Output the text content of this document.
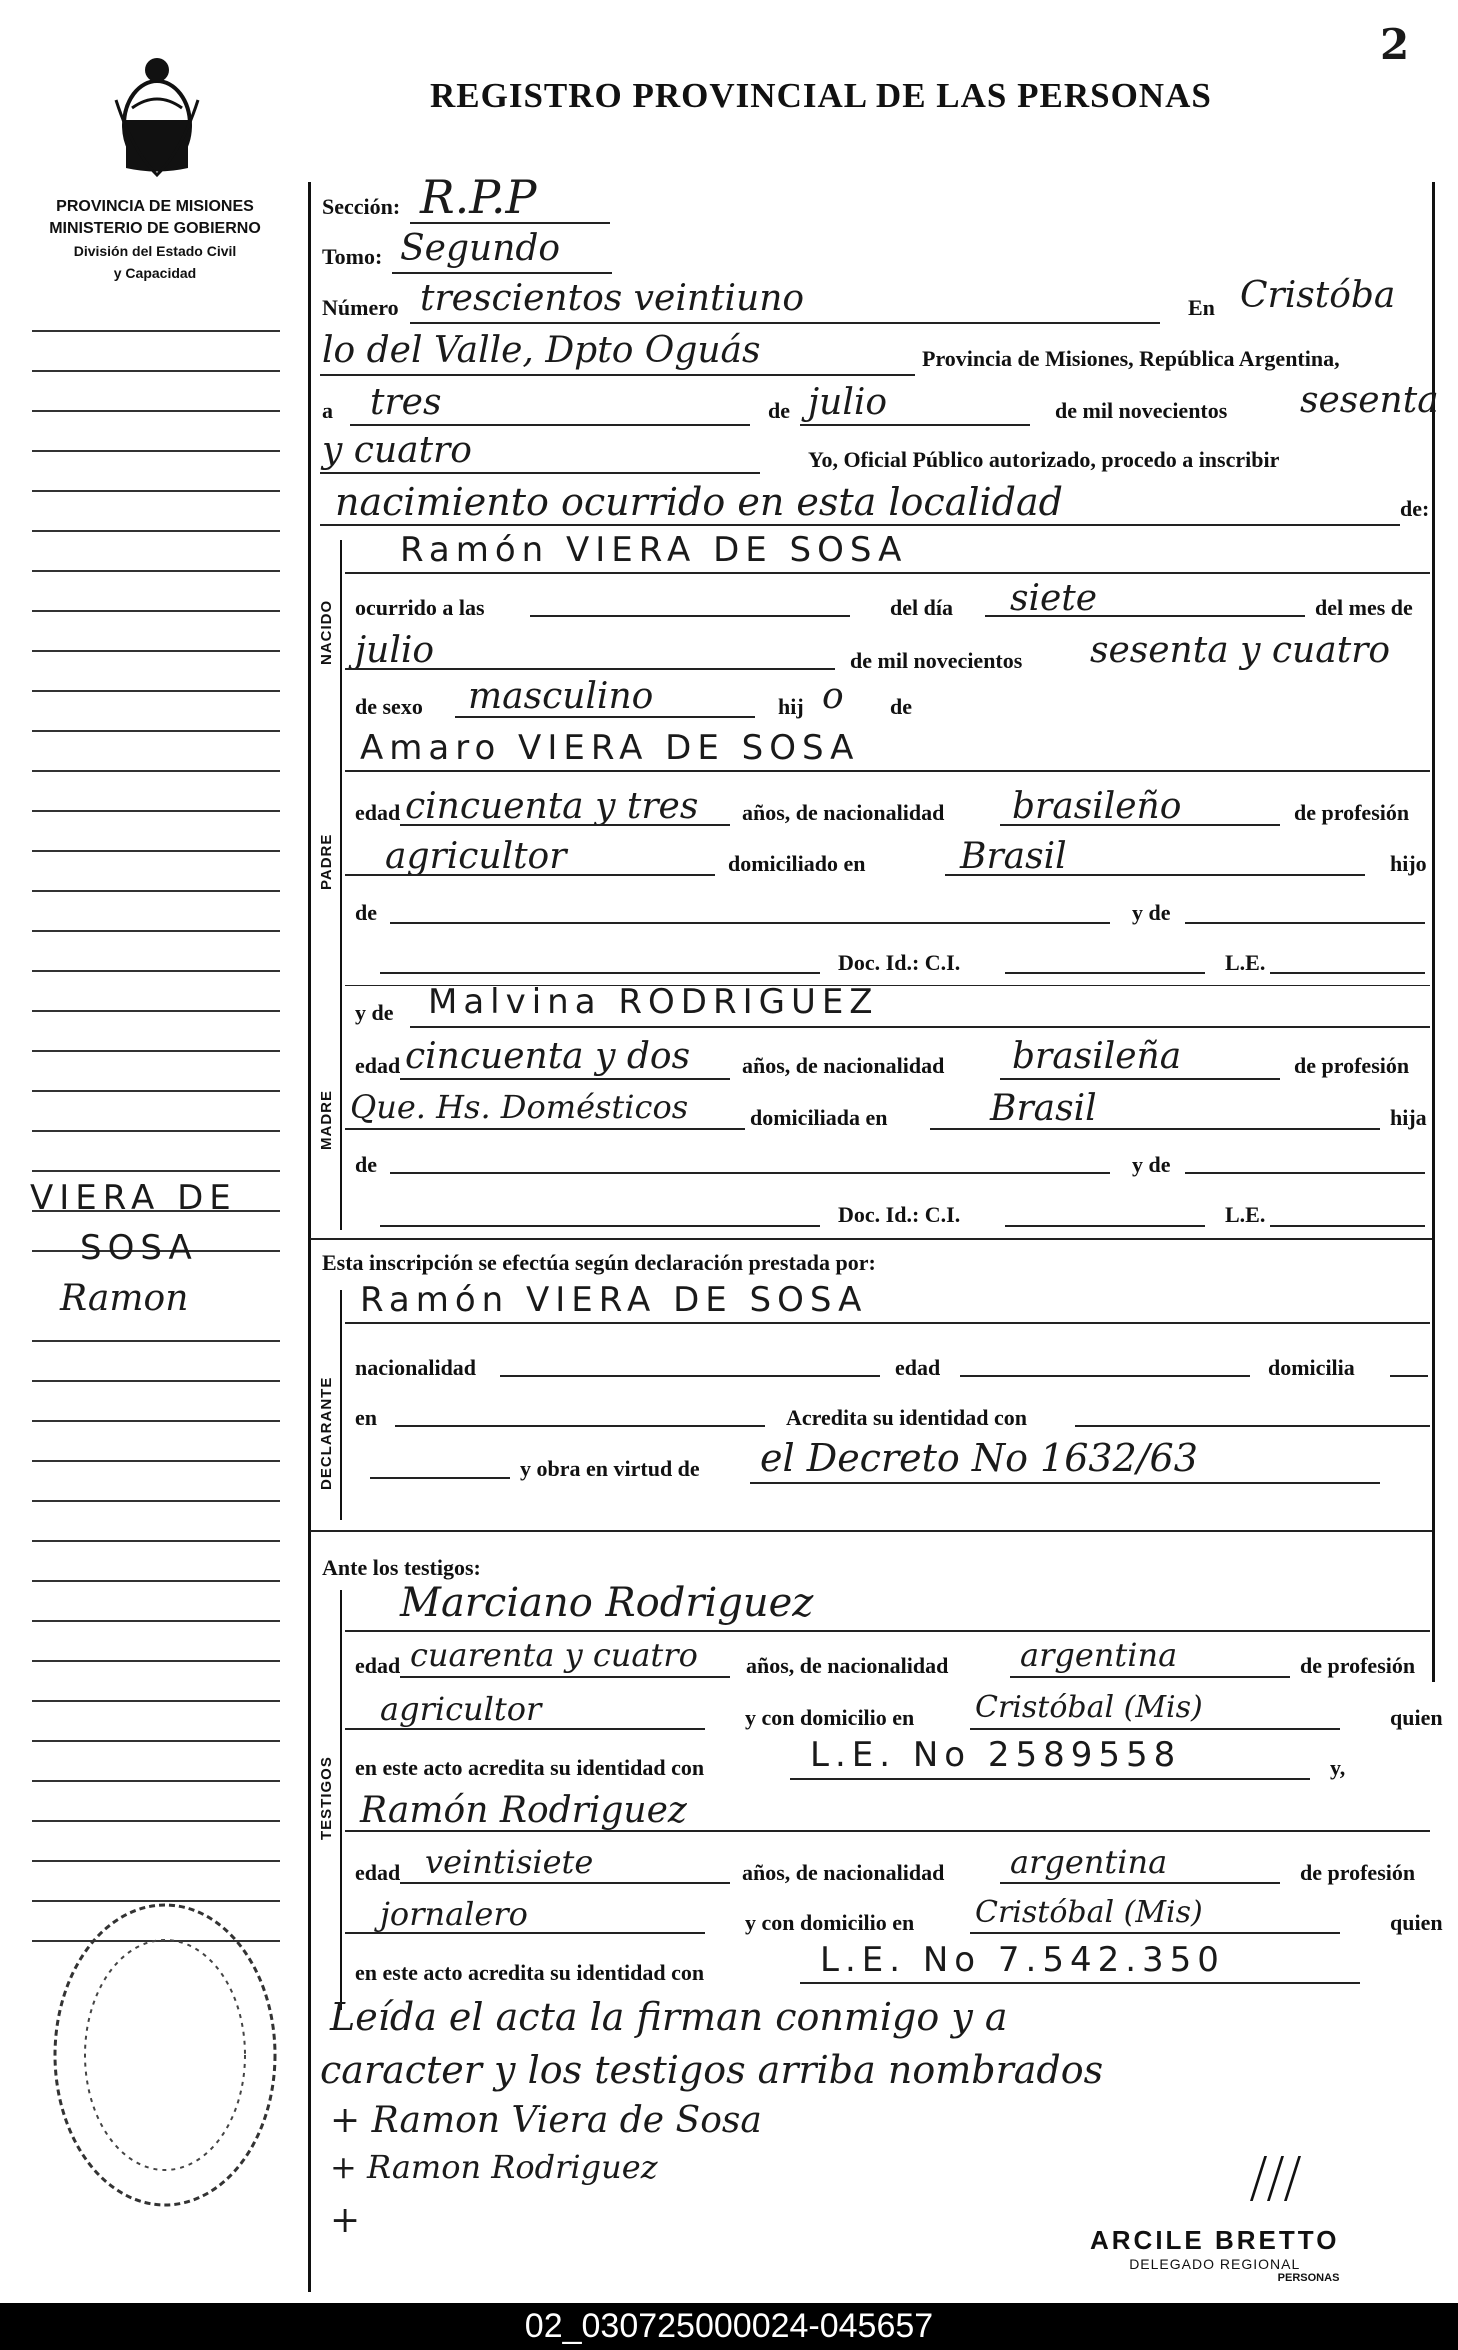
2
PROVINCIA DE MISIONES
MINISTERIO DE GOBIERNO
División del Estado Civil
y Capacidad
VIERA DE
SOSA
Ramon
REGISTRO PROVINCIAL DE LAS PERSONAS
NACIDO
PADRE
MADRE
DECLARANTE
TESTIGOS
Sección: R.P.P
Tomo: Segundo
Número trescientos veintiuno	En Cristóba
lo del Valle, Dpto Oguás	Provincia de Misiones, República Argentina,
a tres	de julio	de mil novecientos sesenta
y cuatro	Yo, Oficial Público autorizado, procedo a inscribir
nacimiento ocurrido en esta localidad	de:
Ramón VIERA DE SOSA
ocurrido a las	del día siete	del mes de
julio	de mil novecientos sesenta y cuatro
de sexo masculino	hij o de
Amaro VIERA DE SOSA
edad cincuenta y tres años, de nacionalidad brasileño	de profesión
agricultor	domiciliado en	Brasil	hijo
de	y de
Doc. Id.: C.I.	L.E.
y de Malvina RODRIGUEZ
edad cincuenta y dos años, de nacionalidad brasileña	de profesión
Que. Hs. Domésticos	domiciliada en	Brasil	hija
de	y de
Doc. Id.: C.I.	L.E.
Esta inscripción se efectúa según declaración prestada por:
Ramón VIERA DE SOSA
nacionalidad	edad	domicilia
en	Acredita su identidad con
y obra en virtud de el Decreto No 1632/63
Ante los testigos:
Marciano Rodriguez
edad cuarenta y cuatro años, de nacionalidad argentina	de profesión
agricultor	y con domicilio en Cristóbal (Mis)	quien
en este acto acredita su identidad con	L.E. No 2589558	y,
Ramón Rodriguez
edad veintisiete	años, de nacionalidad argentina	de profesión
jornalero	y con domicilio en Cristóbal (Mis)	quien
en este acto acredita su identidad con	L.E. No 7.542.350
Leída el acta la firman conmigo y a
caracter y los testigos arriba nombrados
+ Ramon Viera de Sosa
+ Ramon Rodriguez
+
⧸⧸⧸
ARCILE BRETTO
DELEGADO REGIONAL
PERSONAS
02_030725000024-045657
